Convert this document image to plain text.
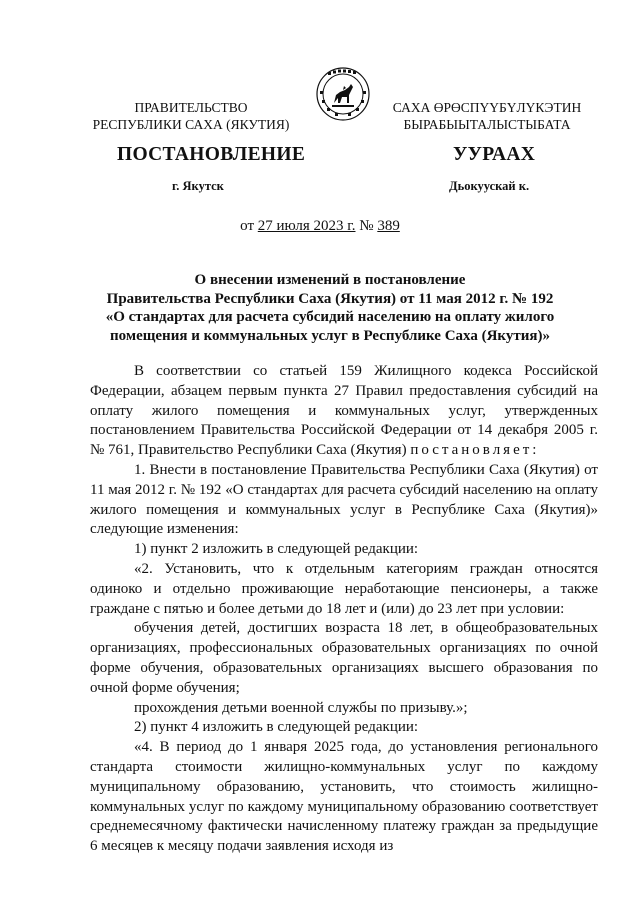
ПРАВИТЕЛЬСТВО
РЕСПУБЛИКИ САХА (ЯКУТИЯ)
САХА ӨРӨСПҮҮБҮЛҮКЭТИН
БЫРАБЫЫТАЛЫСТЫБАТА
ПОСТАНОВЛЕНИЕ	УУРААХ
г. Якутск	Дьокуускай к.
от 27 июля 2023 г. № 389
О внесении изменений в постановление
Правительства Республики Саха (Якутия) от 11 мая 2012 г. № 192
«О стандартах для расчета субсидий населению на оплату жилого
помещения и коммунальных услуг в Республике Саха (Якутия)»

В соответствии со статьей 159 Жилищного кодекса Российской Федерации, абзацем первым пункта 27 Правил предоставления субсидий на оплату жилого помещения и коммунальных услуг, утвержденных постановлением Правительства Российской Федерации от 14 декабря 2005 г. № 761, Правительство Республики Саха (Якутия) постановляет:

1. Внести в постановление Правительства Республики Саха (Якутия) от 11 мая 2012 г. № 192 «О стандартах для расчета субсидий населению на оплату жилого помещения и коммунальных услуг в Республике Саха (Якутия)» следующие изменения:

1) пункт 2 изложить в следующей редакции:

«2. Установить, что к отдельным категориям граждан относятся одиноко и отдельно проживающие неработающие пенсионеры, а также граждане с пятью и более детьми до 18 лет и (или) до 23 лет при условии:

обучения детей, достигших возраста 18 лет, в общеобразовательных организациях, профессиональных образовательных организациях по очной форме обучения, образовательных организациях высшего образования по очной форме обучения;

прохождения детьми военной службы по призыву.»;

2) пункт 4 изложить в следующей редакции:

«4. В период до 1 января 2025 года, до установления регионального стандарта стоимости жилищно-коммунальных услуг по каждому муниципальному образованию, установить, что стоимость жилищно-коммунальных услуг по каждому муниципальному образованию соответствует среднемесячному фактически начисленному платежу граждан за предыдущие 6 месяцев к месяцу подачи заявления исходя из
